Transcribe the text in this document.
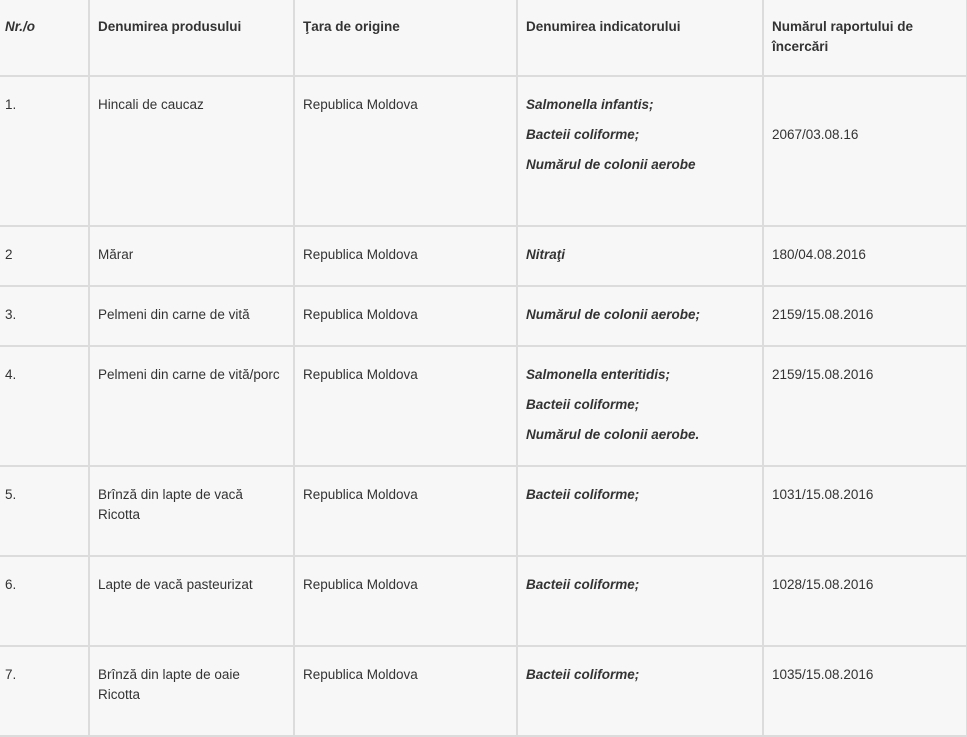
Nr./o	Denumirea produsului	Ţara de origine	Denumirea indicatorului	Numărul raportului de încercări
1.	Hincali de caucaz	Republica Moldova	Salmonella infantis;

Bacteii coliforme;

Numărul de colonii aerobe	2067/03.08.16
2	Mărar	Republica Moldova	Nitraţi	180/04.08.2016
3.	Pelmeni din carne de vită	Republica Moldova	Numărul de colonii aerobe;	2159/15.08.2016
4.	Pelmeni din carne de vită/porc	Republica Moldova	Salmonella enteritidis;

Bacteii coliforme;

Numărul de colonii aerobe.	2159/15.08.2016
5.	Brînză din lapte de vacă Ricotta	Republica Moldova	Bacteii coliforme;	1031/15.08.2016
6.	Lapte de vacă pasteurizat	Republica Moldova	Bacteii coliforme;	1028/15.08.2016
7.	Brînză din lapte de oaie Ricotta	Republica Moldova	Bacteii coliforme;	1035/15.08.2016
